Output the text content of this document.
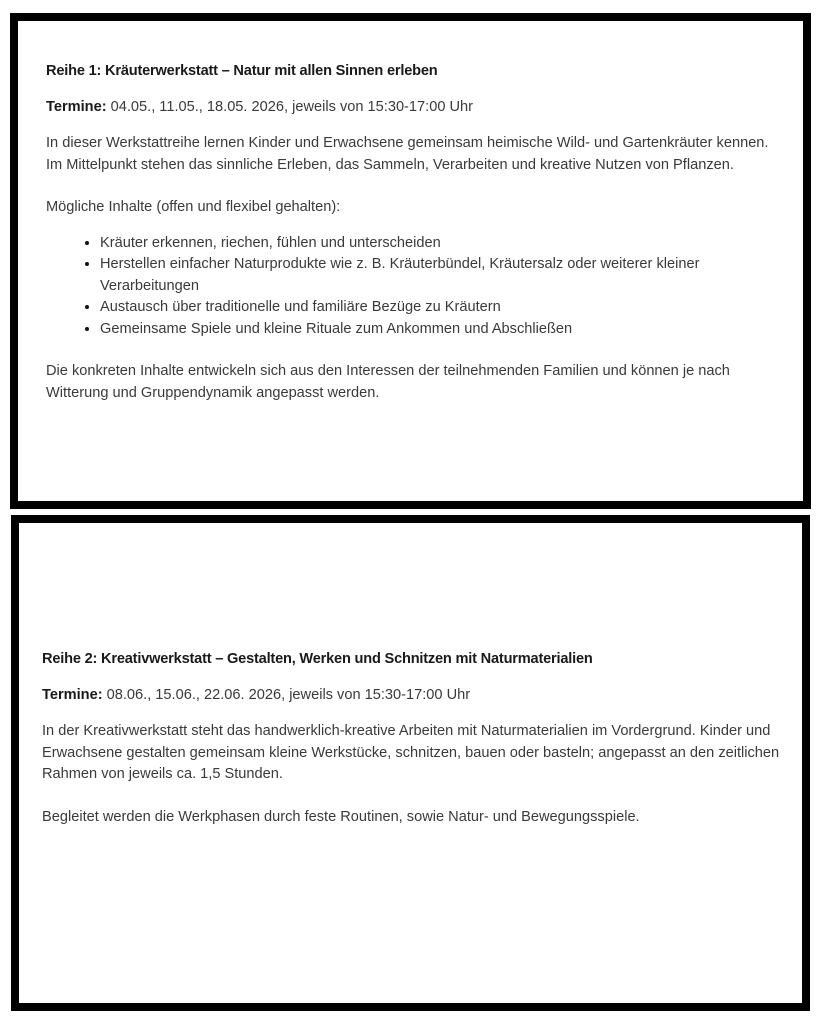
Reihe 1: Kräuterwerkstatt – Natur mit allen Sinnen erleben
Termine: 04.05., 11.05., 18.05. 2026, jeweils von 15:30-17:00 Uhr

In dieser Werkstattreihe lernen Kinder und Erwachsene gemeinsam heimische Wild- und Gartenkräuter kennen. Im Mittelpunkt stehen das sinnliche Erleben, das Sammeln, Verarbeiten und kreative Nutzen von Pflanzen.

Mögliche Inhalte (offen und flexibel gehalten):

• Kräuter erkennen, riechen, fühlen und unterscheiden
• Herstellen einfacher Naturprodukte wie z. B. Kräuterbündel, Kräutersalz oder weiterer kleiner Verarbeitungen
• Austausch über traditionelle und familiäre Bezüge zu Kräutern
• Gemeinsame Spiele und kleine Rituale zum Ankommen und Abschließen

Die konkreten Inhalte entwickeln sich aus den Interessen der teilnehmenden Familien und können je nach Witterung und Gruppendynamik angepasst werden.

Reihe 2: Kreativwerkstatt – Gestalten, Werken und Schnitzen mit Naturmaterialien
Termine: 08.06., 15.06., 22.06. 2026, jeweils von 15:30-17:00 Uhr

In der Kreativwerkstatt steht das handwerklich-kreative Arbeiten mit Naturmaterialien im Vordergrund. Kinder und Erwachsene gestalten gemeinsam kleine Werkstücke, schnitzen, bauen oder basteln; angepasst an den zeitlichen Rahmen von jeweils ca. 1,5 Stunden.

Begleitet werden die Werkphasen durch feste Routinen, sowie Natur- und Bewegungsspiele.
